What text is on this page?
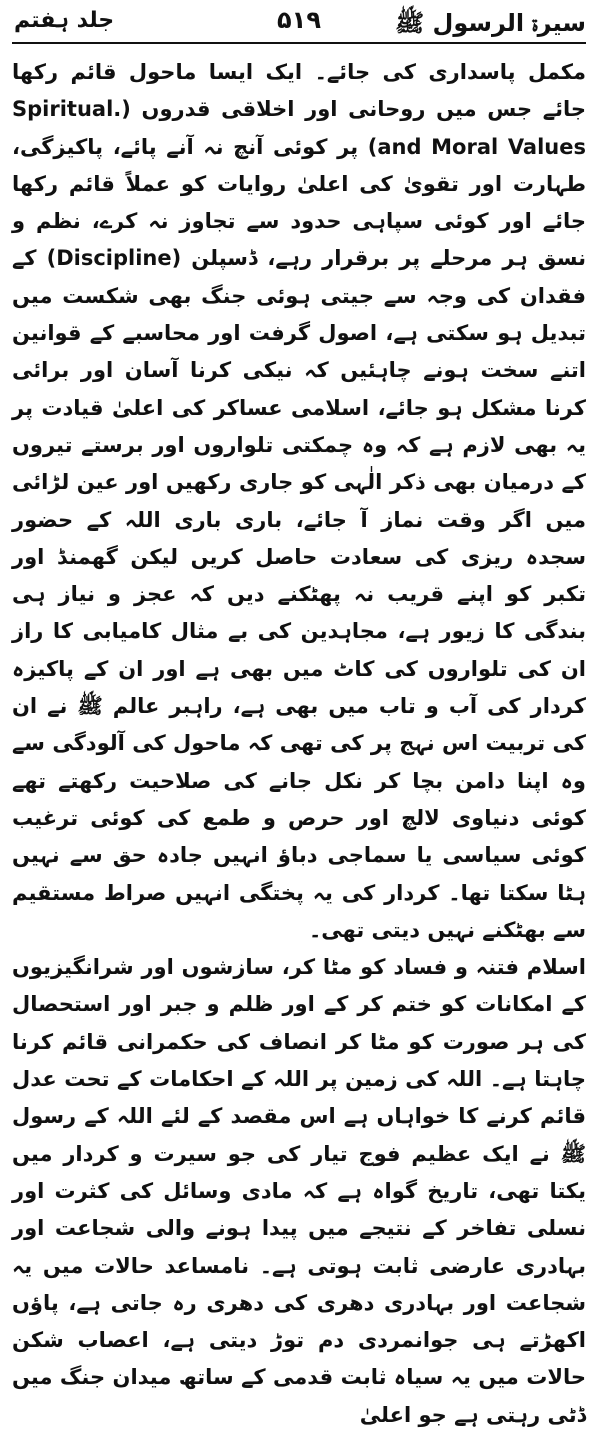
سیرۃ الرسول ﷺ
۵۱۹
جلد ہفتم

مکمل پاسداری کی جائے۔ ایک ایسا ماحول قائم رکھا جائے جس میں روحانی اور اخلاقی قدروں (Spiritual. and Moral Values) پر کوئی آنچ نہ آنے پائے، پاکیزگی، طہارت اور تقویٰ کی اعلیٰ روایات کو عملاً قائم رکھا جائے اور کوئی سپاہی حدود سے تجاوز نہ کرے، نظم و نسق ہر مرحلے پر برقرار رہے، ڈسپلن (Discipline) کے فقدان کی وجہ سے جیتی ہوئی جنگ بھی شکست میں تبدیل ہو سکتی ہے، اصول گرفت اور محاسبے کے قوانین اتنے سخت ہونے چاہئیں کہ نیکی کرنا آسان اور برائی کرنا مشکل ہو جائے، اسلامی عساکر کی اعلیٰ قیادت پر یہ بھی لازم ہے کہ وہ چمکتی تلواروں اور برستے تیروں کے درمیان بھی ذکر الٰہی کو جاری رکھیں اور عین لڑائی میں اگر وقت نماز آ جائے، باری باری اللہ کے حضور سجدہ ریزی کی سعادت حاصل کریں لیکن گھمنڈ اور تکبر کو اپنے قریب نہ پھٹکنے دیں کہ عجز و نیاز ہی بندگی کا زیور ہے، مجاہدین کی بے مثال کامیابی کا راز ان کی تلواروں کی کاٹ میں بھی ہے اور ان کے پاکیزہ کردار کی آب و تاب میں بھی ہے، راہبر عالم ﷺ نے ان کی تربیت اس نہج پر کی تھی کہ ماحول کی آلودگی سے وہ اپنا دامن بچا کر نکل جانے کی صلاحیت رکھتے تھے کوئی دنیاوی لالچ اور حرص و طمع کی کوئی ترغیب کوئی سیاسی یا سماجی دباؤ انہیں جادہ حق سے نہیں ہٹا سکتا تھا۔ کردار کی یہ پختگی انہیں صراط مستقیم سے بھٹکنے نہیں دیتی تھی۔

اسلام فتنہ و فساد کو مٹا کر، سازشوں اور شرانگیزیوں کے امکانات کو ختم کر کے اور ظلم و جبر اور استحصال کی ہر صورت کو مٹا کر انصاف کی حکمرانی قائم کرنا چاہتا ہے۔ اللہ کی زمین پر اللہ کے احکامات کے تحت عدل قائم کرنے کا خواہاں ہے اس مقصد کے لئے اللہ کے رسول ﷺ نے ایک عظیم فوج تیار کی جو سیرت و کردار میں یکتا تھی، تاریخ گواہ ہے کہ مادی وسائل کی کثرت اور نسلی تفاخر کے نتیجے میں پیدا ہونے والی شجاعت اور بہادری عارضی ثابت ہوتی ہے۔ نامساعد حالات میں یہ شجاعت اور بہادری دھری کی دھری رہ جاتی ہے، پاؤں اکھڑتے ہی جوانمردی دم توڑ دیتی ہے، اعصاب شکن حالات میں یہ سیاہ ثابت قدمی کے ساتھ میدان جنگ میں ڈٹی رہتی ہے جو اعلیٰ
